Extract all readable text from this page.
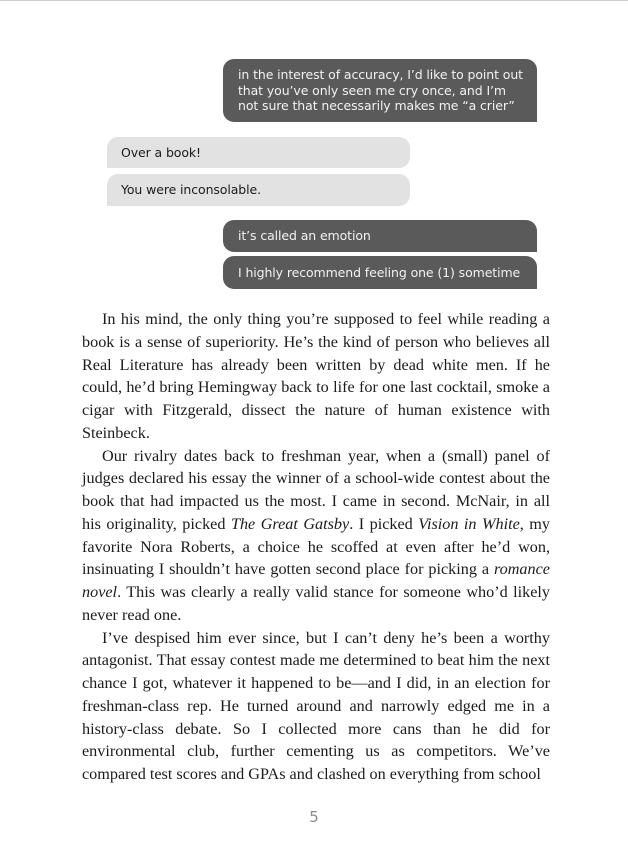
in the interest of accuracy, I’d like to point out that you’ve only seen me cry once, and I’m not sure that necessarily makes me “a crier”
Over a book!
You were inconsolable.
it’s called an emotion
I highly recommend feeling one (1) sometime

In his mind, the only thing you’re supposed to feel while reading a book is a sense of superiority. He’s the kind of person who believes all Real Literature has already been written by dead white men. If he could, he’d bring Hemingway back to life for one last cocktail, smoke a cigar with Fitzgerald, dissect the nature of human existence with Steinbeck.

Our rivalry dates back to freshman year, when a (small) panel of judges declared his essay the winner of a school-wide contest about the book that had impacted us the most. I came in second. McNair, in all his originality, picked The Great Gatsby. I picked Vision in White, my favorite Nora Roberts, a choice he scoffed at even after he’d won, insinuating I shouldn’t have gotten second place for picking a romance novel. This was clearly a really valid stance for someone who’d likely never read one.

I’ve despised him ever since, but I can’t deny he’s been a worthy antagonist. That essay contest made me determined to beat him the next chance I got, whatever it happened to be—and I did, in an election for freshman-class rep. He turned around and narrowly edged me in a history-class debate. So I collected more cans than he did for environmental club, further cementing us as competitors. We’ve compared test scores and GPAs and clashed on everything from school

5
